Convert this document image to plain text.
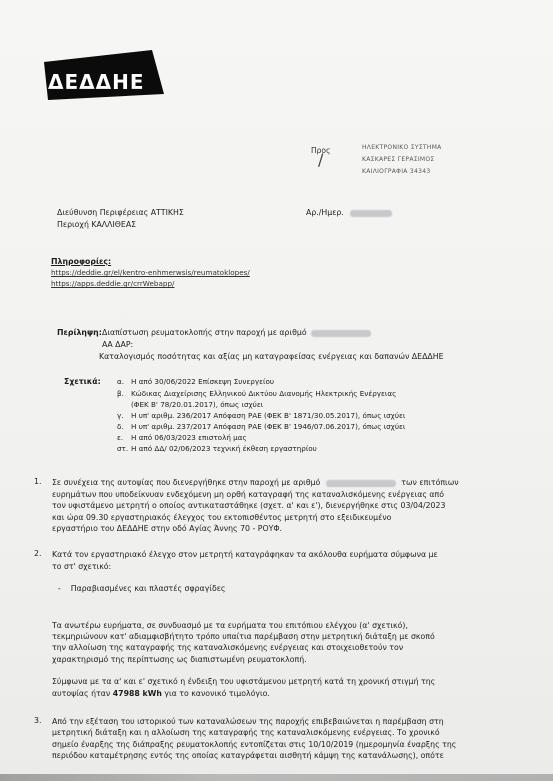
ΔΕΔΔΗΕ
Προς
/
ΗΛΕΚΤΡΟΝΙΚΟ ΣΥΣΤΗΜΑ
ΚΑΣΚΑΡΕΣ ΓΕΡΑΣΙΜΟΣ
ΚΑΙΛΙΟΓΡΑΦΙΑ 34343
Διεύθυνση Περιφέρειας ΑΤΤΙΚΗΣ
Περιοχή ΚΑΛΛΙΘΕΑΣ
Αρ./Ημερ.
Πληροφορίες:
https://deddie.gr/el/kentro-enhmerwsis/reumatoklopes/
https://apps.deddie.gr/crrWebapp/
Περίληψη: Διαπίστωση ρευματοκλοπής στην παροχή με αριθμό
ΑΑ ΔΑΡ:
Καταλογισμός ποσότητας και αξίας μη καταγραφείσας ενέργειας και δαπανών ΔΕΔΔΗΕ
Σχετικά: α. Η από 30/06/2022 Επίσκεψη Συνεργείου
β. Κώδικας Διαχείρισης Ελληνικού Δικτύου Διανομής Ηλεκτρικής Ενέργειας
(ΦΕΚ Β' 78/20.01.2017), όπως ισχύει
γ. Η υπ' αριθμ. 236/2017 Απόφαση ΡΑΕ (ΦΕΚ Β' 1871/30.05.2017), όπως ισχύει
δ. Η υπ' αριθμ. 237/2017 Απόφαση ΡΑΕ (ΦΕΚ Β' 1946/07.06.2017), όπως ισχύει
ε. Η από 06/03/2023 επιστολή μας
στ. Η από ΔΔ/ 02/06/2023 τεχνική έκθεση εργαστηρίου
1. Σε συνέχεια της αυτοψίας που διενεργήθηκε στην παροχή με αριθμό	των επιτόπιων
ευρημάτων που υποδείκνυαν ενδεχόμενη μη ορθή καταγραφή της καταναλισκόμενης ενέργειας από
τον υφιστάμενο μετρητή ο οποίος αντικαταστάθηκε (σχετ. α' και ε'), διενεργήθηκε στις 03/04/2023
και ώρα 09.30 εργαστηριακός έλεγχος του εκτοπισθέντος μετρητή στο εξειδικευμένο
εργαστήριο του ΔΕΔΔΗΕ στην οδό Αγίας Άννης 70 - ΡΟΥΦ.
2. Κατά τον εργαστηριακό έλεγχο στον μετρητή καταγράφηκαν τα ακόλουθα ευρήματα σύμφωνα με
το στ' σχετικό:
-    Παραβιασμένες και πλαστές σφραγίδες
Τα ανωτέρω ευρήματα, σε συνδυασμό με τα ευρήματα του επιτόπιου ελέγχου (α' σχετικό),
τεκμηριώνουν κατ' αδιαμφισβήτητο τρόπο υπαίτια παρέμβαση στην μετρητική διάταξη με σκοπό
την αλλοίωση της καταγραφής της καταναλισκόμενης ενέργειας και στοιχειοθετούν τον
χαρακτηρισμό της περίπτωσης ως διαπιστωμένη ρευματοκλοπή.
Σύμφωνα με τα α' και ε' σχετικό η ένδειξη του υφιστάμενου μετρητή κατά τη χρονική στιγμή της
αυτοψίας ήταν 47988 kWh για το κανονικό τιμολόγιο.
3. Από την εξέταση του ιστορικού των καταναλώσεων της παροχής επιβεβαιώνεται η παρέμβαση στη
μετρητική διάταξη και η αλλοίωση της καταγραφής της καταναλισκόμενης ενέργειας. Το χρονικό
σημείο έναρξης της διάπραξης ρευματοκλοπής εντοπίζεται στις 10/10/2019 (ημερομηνία έναρξης της
περιόδου καταμέτρησης εντός της οποίας καταγράφεται αισθητή κάμψη της κατανάλωσης), οπότε
